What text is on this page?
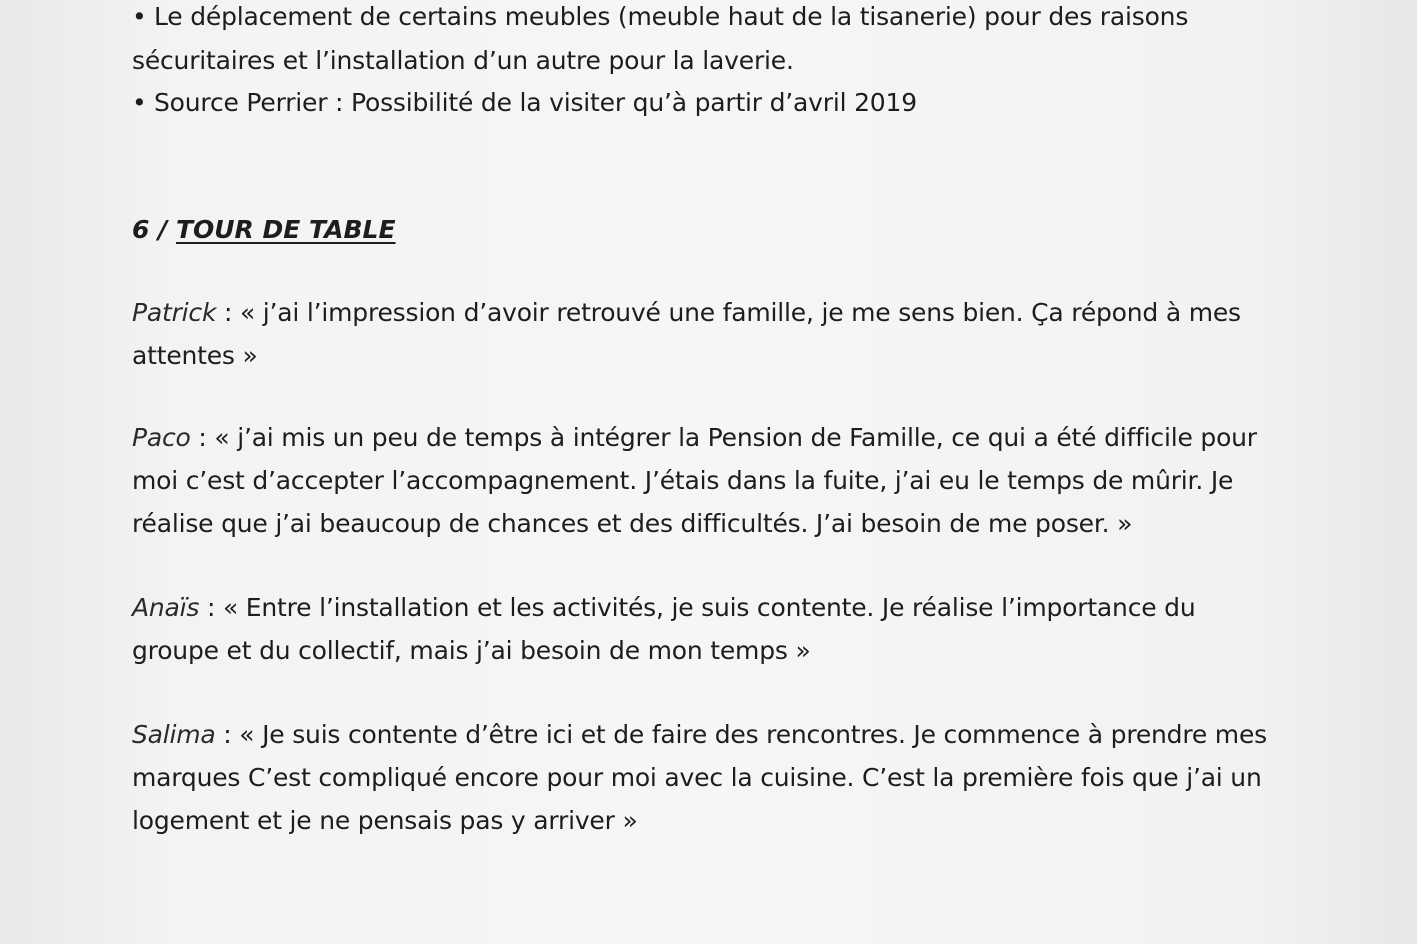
• Le déplacement de certains meubles (meuble haut de la tisanerie) pour des raisons

sécuritaires et l’installation d’un autre pour la laverie.

• Source Perrier : Possibilité de la visiter qu’à partir d’avril 2019

6 / TOUR DE TABLE

Patrick : « j’ai l’impression d’avoir retrouvé une famille, je me sens bien. Ça répond à mes

attentes »

Paco : « j’ai mis un peu de temps à intégrer la Pension de Famille, ce qui a été difficile pour

moi c’est d’accepter l’accompagnement. J’étais dans la fuite, j’ai eu le temps de mûrir. Je

réalise que j’ai beaucoup de chances et des difficultés. J’ai besoin de me poser. »

Anaïs : « Entre l’installation et les activités, je suis contente. Je réalise l’importance du

groupe et du collectif, mais j’ai besoin de mon temps »

Salima : « Je suis contente d’être ici et de faire des rencontres. Je commence à prendre mes

marques C’est compliqué encore pour moi avec la cuisine. C’est la première fois que j’ai un

logement et je ne pensais pas y arriver »
